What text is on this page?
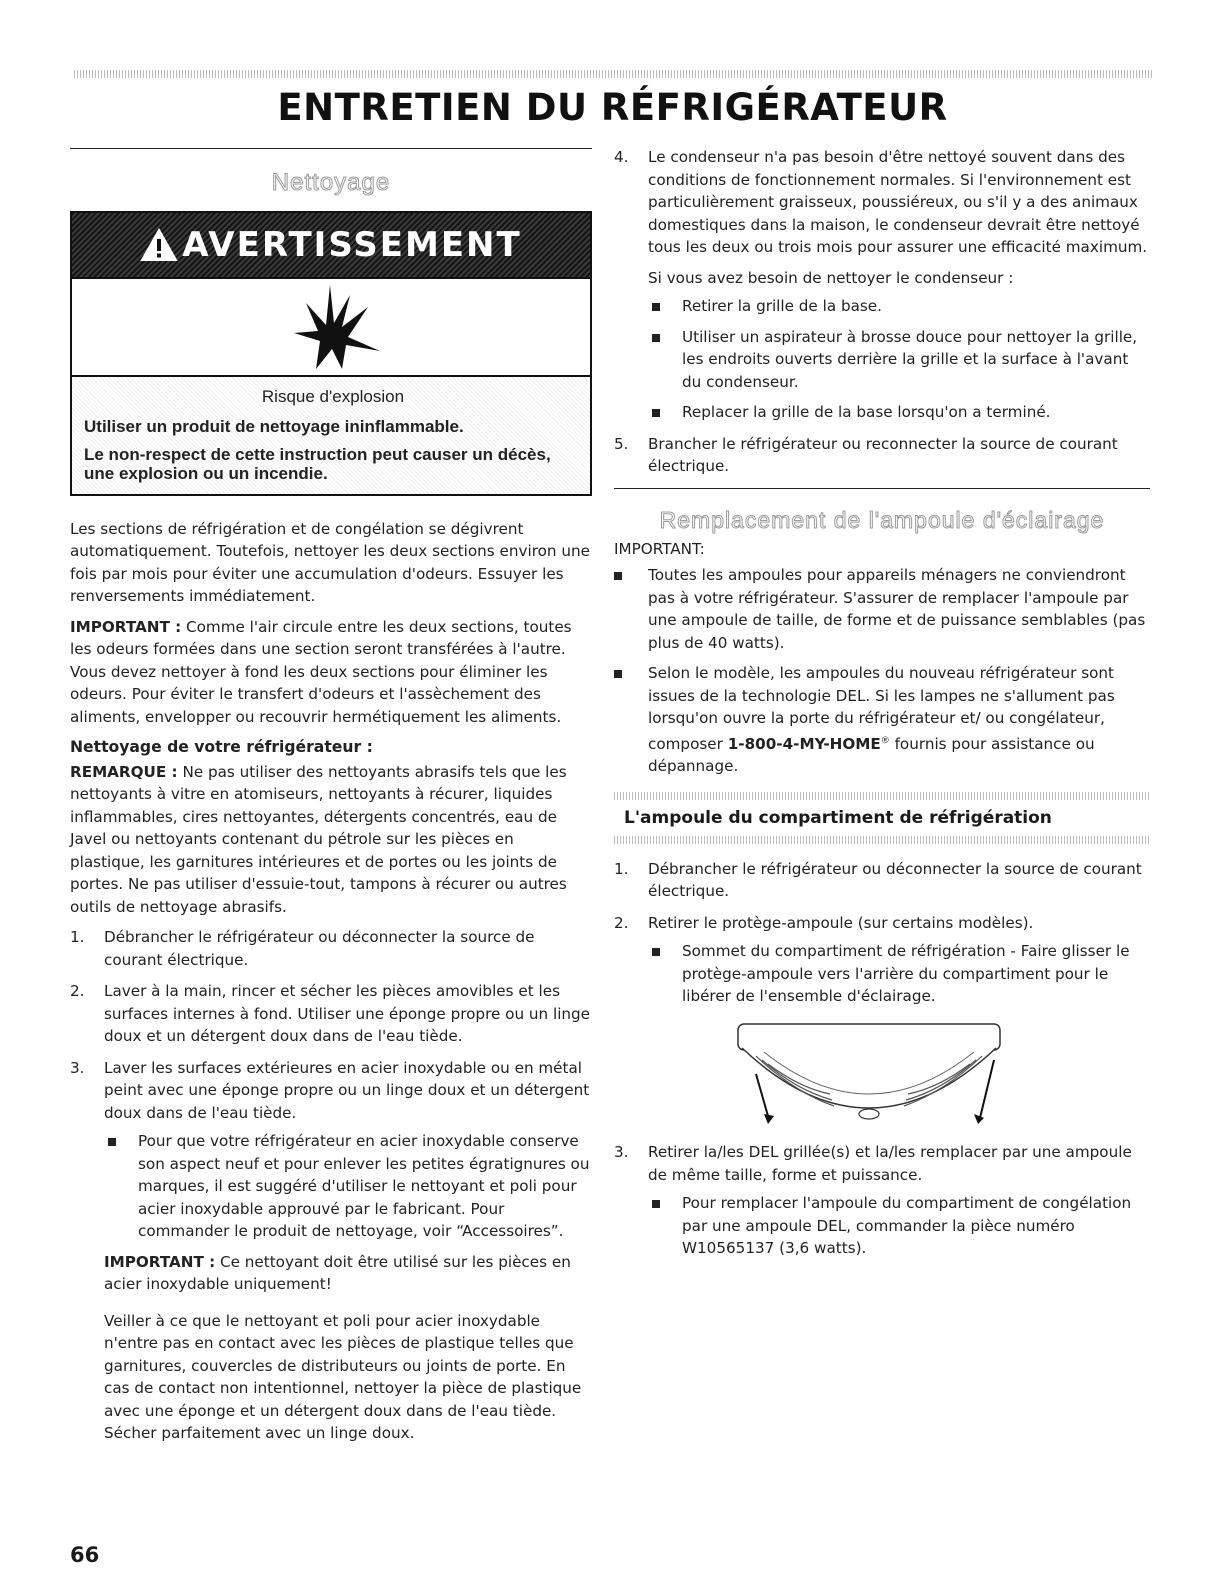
ENTRETIEN DU RÉFRIGÉRATEUR
Nettoyage
AVERTISSEMENT
Risque d'explosion
Utiliser un produit de nettoyage ininflammable.
Le non-respect de cette instruction peut causer un décès, une explosion ou un incendie.

Les sections de réfrigération et de congélation se dégivrent automatiquement. Toutefois, nettoyer les deux sections environ une fois par mois pour éviter une accumulation d'odeurs. Essuyer les renversements immédiatement.

IMPORTANT : Comme l'air circule entre les deux sections, toutes les odeurs formées dans une section seront transférées à l'autre. Vous devez nettoyer à fond les deux sections pour éliminer les odeurs. Pour éviter le transfert d'odeurs et l'assèchement des aliments, envelopper ou recouvrir hermétiquement les aliments.

Nettoyage de votre réfrigérateur :

REMARQUE : Ne pas utiliser des nettoyants abrasifs tels que les nettoyants à vitre en atomiseurs, nettoyants à récurer, liquides inflammables, cires nettoyantes, détergents concentrés, eau de Javel ou nettoyants contenant du pétrole sur les pièces en plastique, les garnitures intérieures et de portes ou les joints de portes. Ne pas utiliser d'essuie-tout, tampons à récurer ou autres outils de nettoyage abrasifs.

1. Débrancher le réfrigérateur ou déconnecter la source de courant électrique.
2. Laver à la main, rincer et sécher les pièces amovibles et les surfaces internes à fond. Utiliser une éponge propre ou un linge doux et un détergent doux dans de l'eau tiède.
3. Laver les surfaces extérieures en acier inoxydable ou en métal peint avec une éponge propre ou un linge doux et un détergent doux dans de l'eau tiède.
Pour que votre réfrigérateur en acier inoxydable conserve son aspect neuf et pour enlever les petites égratignures ou marques, il est suggéré d'utiliser le nettoyant et poli pour acier inoxydable approuvé par le fabricant. Pour commander le produit de nettoyage, voir “Accessoires”.

IMPORTANT : Ce nettoyant doit être utilisé sur les pièces en acier inoxydable uniquement!

Veiller à ce que le nettoyant et poli pour acier inoxydable n'entre pas en contact avec les pièces de plastique telles que garnitures, couvercles de distributeurs ou joints de porte. En cas de contact non intentionnel, nettoyer la pièce de plastique avec une éponge et un détergent doux dans de l'eau tiède. Sécher parfaitement avec un linge doux.

4. Le condenseur n'a pas besoin d'être nettoyé souvent dans des conditions de fonctionnement normales. Si l'environnement est particulièrement graisseux, poussiéreux, ou s'il y a des animaux domestiques dans la maison, le condenseur devrait être nettoyé tous les deux ou trois mois pour assurer une efficacité maximum.

Si vous avez besoin de nettoyer le condenseur :

Retirer la grille de la base.
Utiliser un aspirateur à brosse douce pour nettoyer la grille, les endroits ouverts derrière la grille et la surface à l'avant du condenseur.
Replacer la grille de la base lorsqu'on a terminé.
5. Brancher le réfrigérateur ou reconnecter la source de courant électrique.
Remplacement de l'ampoule d'éclairage

IMPORTANT:

Toutes les ampoules pour appareils ménagers ne conviendront pas à votre réfrigérateur. S'assurer de remplacer l'ampoule par une ampoule de taille, de forme et de puissance semblables (pas plus de 40 watts).
Selon le modèle, les ampoules du nouveau réfrigérateur sont issues de la technologie DEL. Si les lampes ne s'allument pas lorsqu'on ouvre la porte du réfrigérateur et/ ou congélateur, composer 1-800-4-MY-HOME® fournis pour assistance ou dépannage.
L'ampoule du compartiment de réfrigération
1. Débrancher le réfrigérateur ou déconnecter la source de courant électrique.
2. Retirer le protège-ampoule (sur certains modèles).
Sommet du compartiment de réfrigération - Faire glisser le protège-ampoule vers l'arrière du compartiment pour le libérer de l'ensemble d'éclairage.
3. Retirer la/les DEL grillée(s) et la/les remplacer par une ampoule de même taille, forme et puissance.
Pour remplacer l'ampoule du compartiment de congélation par une ampoule DEL, commander la pièce numéro W10565137 (3,6 watts).
66
